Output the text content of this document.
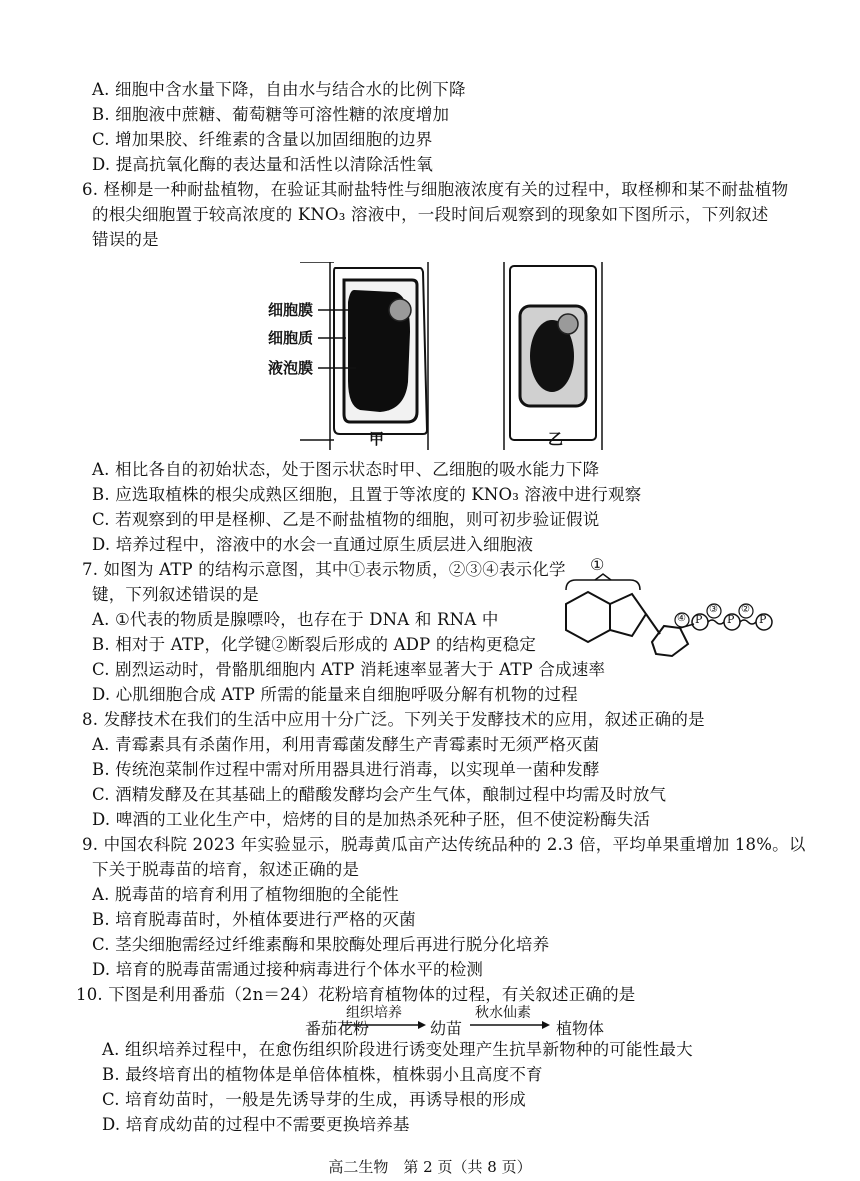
A. 细胞中含水量下降，自由水与结合水的比例下降
B. 细胞液中蔗糖、葡萄糖等可溶性糖的浓度增加
C. 增加果胶、纤维素的含量以加固细胞的边界
D. 提高抗氧化酶的表达量和活性以清除活性氧
6. 柽柳是一种耐盐植物，在验证其耐盐特性与细胞液浓度有关的过程中，取柽柳和某不耐盐植物
的根尖细胞置于较高浓度的 KNO₃ 溶液中，一段时间后观察到的现象如下图所示，下列叙述
错误的是
细胞膜
细胞质
液泡膜
甲	乙
A. 相比各自的初始状态，处于图示状态时甲、乙细胞的吸水能力下降
B. 应选取植株的根尖成熟区细胞，且置于等浓度的 KNO₃ 溶液中进行观察
C. 若观察到的甲是柽柳、乙是不耐盐植物的细胞，则可初步验证假说
D. 培养过程中，溶液中的水会一直通过原生质层进入细胞液
7. 如图为 ATP 的结构示意图，其中①表示物质，②③④表示化学
键，下列叙述错误的是
A. ①代表的物质是腺嘌呤，也存在于 DNA 和 RNA 中
B. 相对于 ATP，化学键②断裂后形成的 ADP 的结构更稳定
C. 剧烈运动时，骨骼肌细胞内 ATP 消耗速率显著大于 ATP 合成速率
D. 心肌细胞合成 ATP 所需的能量来自细胞呼吸分解有机物的过程
①
④
③ ②
P P P
8. 发酵技术在我们的生活中应用十分广泛。下列关于发酵技术的应用，叙述正确的是
A. 青霉素具有杀菌作用，利用青霉菌发酵生产青霉素时无须严格灭菌
B. 传统泡菜制作过程中需对所用器具进行消毒，以实现单一菌种发酵
C. 酒精发酵及在其基础上的醋酸发酵均会产生气体，酿制过程中均需及时放气
D. 啤酒的工业化生产中，焙烤的目的是加热杀死种子胚，但不使淀粉酶失活
9. 中国农科院 2023 年实验显示，脱毒黄瓜亩产达传统品种的 2.3 倍，平均单果重增加 18%。以
下关于脱毒苗的培育，叙述正确的是
A. 脱毒苗的培育利用了植物细胞的全能性
B. 培育脱毒苗时，外植体要进行严格的灭菌
C. 茎尖细胞需经过纤维素酶和果胶酶处理后再进行脱分化培养
D. 培育的脱毒苗需通过接种病毒进行个体水平的检测
10. 下图是利用番茄（2n＝24）花粉培育植物体的过程，有关叙述正确的是
番茄花粉
组织培养
幼苗
秋水仙素
植物体
A. 组织培养过程中，在愈伤组织阶段进行诱变处理产生抗旱新物种的可能性最大
B. 最终培育出的植物体是单倍体植株，植株弱小且高度不育
C. 培育幼苗时，一般是先诱导芽的生成，再诱导根的形成
D. 培育成幼苗的过程中不需要更换培养基
高二生物　第 2 页（共 8 页）
